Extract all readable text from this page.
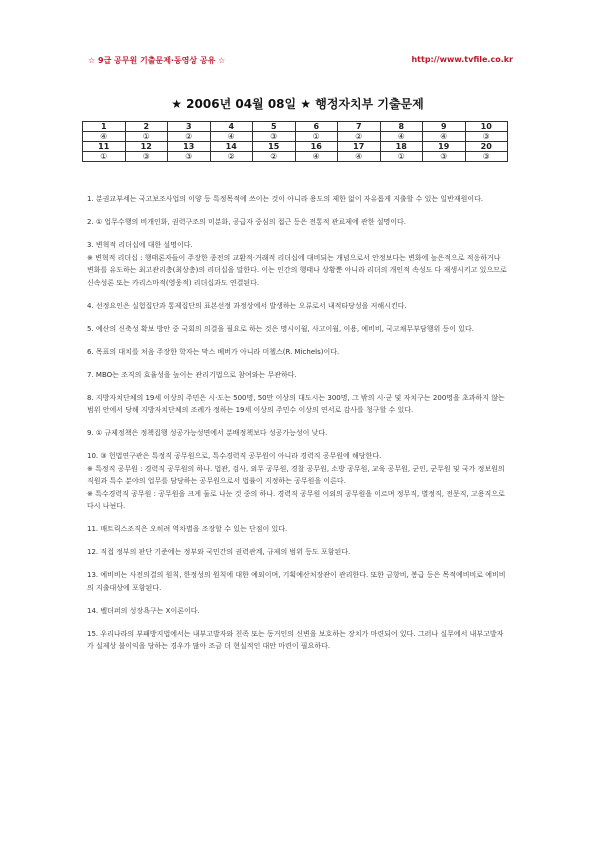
☆ 9급 공무원 기출문제·동영상 공유 ☆	http://www.tvfile.co.kr
★ 2006년 04월 08일 ★ 행정자치부 기출문제
1	2	3	4	5	6	7	8	9	10
④	①	②	④	③	①	②	④	④	③
11	12	13	14	15	16	17	18	19	20
①	③	③	②	②	④	④	①	③	③

1. 분권교부세는 국고보조사업의 이양 등 특정목적에 쓰이는 것이 아니라 용도의 제한 없이 자유롭게 지출할 수 있는 일반재원이다.

2. ① 업무수행의 비개인화, 권력구조의 미분화, 공급자 중심의 접근 등은 전통적 관료제에 관한 설명이다.

3. 변혁적 리더십에 대한 설명이다.

※ 변혁적 리더십 : 행태론자들이 주장한 종전의 교환적·거래적 리더십에 대비되는 개념으로서 안정보다는 변화에 높은적으로 적응하거나 변화를 유도하는 최고관리층(최상층)의 리더십을 말한다. 이는 인간의 행태나 상황뿐 아니라 리더의 개인적 속성도 다 재생시키고 있으므로 신속성론 또는 카리스마적(영웅적) 리더십과도 연결된다.

4. 선정요인은 실험집단과 통제집단의 표본선정 과정상에서 발생하는 오류로서 내적타당성을 저해시킨다.

5. 예산의 신축성 확보 방안 중 국회의 의결을 필요로 하는 것은 명시이월, 사고이월, 이용, 예비비, 국고채무부담행위 등이 있다.

6. 목표의 대치를 처음 주장한 학자는 막스 베버가 아니라 미첼스(R. Michels)이다.

7. MBO는 조직의 효율성을 높이는 관리기법으로 참여와는 무관하다.

8. 지방자치단체의 19세 이상의 주민은 시·도는 500명, 50만 이상의 대도시는 300명, 그 밖의 시·군 및 자치구는 200명을 초과하지 않는 범위 안에서 당해 지방자치단체의 조례가 정하는 19세 이상의 주민수 이상의 연서로 감사를 청구할 수 있다.

9. ① 규제정책은 정책집행 성공가능성면에서 분배정책보다 성공가능성이 낮다.

10. ③ 헌법연구관은 특정직 공무원으로, 특수경력직 공무원이 아니라 경력직 공무원에 해당한다.

※ 특정직 공무원 : 경력직 공무원의 하나. 법관, 검사, 외무 공무원, 경찰 공무원, 소방 공무원, 교육 공무원, 군인, 군무원 및 국가 정보원의 직원과 특수 분야의 업무를 담당하는 공무원으로서 법률이 지정하는 공무원을 이른다.

※ 특수경력직 공무원 : 공무원을 크게 둘로 나눈 것 중의 하나. 경력직 공무원 이외의 공무원을 이르며 정무직, 별정직, 전문직, 고용직으로 다시 나뉜다.

11. 매트릭스조직은 오히려 역차별을 조장할 수 있는 단점이 있다.

12. 직접 정부의 판단 기준에는 정부와 국민간의 권력관계, 규제의 범위 등도 포함된다.

13. 예비비는 사전의결의 원칙, 한정성의 원칙에 대한 예외이며, 기획예산처장관이 관리한다. 또한 금항비, 봉급 등은 목적예비비로 예비비의 지출대상에 포함된다.

14. 벨더퍼의 성장욕구는 X이론이다.

15. 우리나라의 부패방지법에서는 내부고발자와 친족 또는 동거인의 신변을 보호하는 장치가 마련되어 있다. 그러나 실무에서 내부고발자가 실제상 불이익을 당하는 경우가 많아 조금 더 현실적인 대안 마련이 필요하다.
